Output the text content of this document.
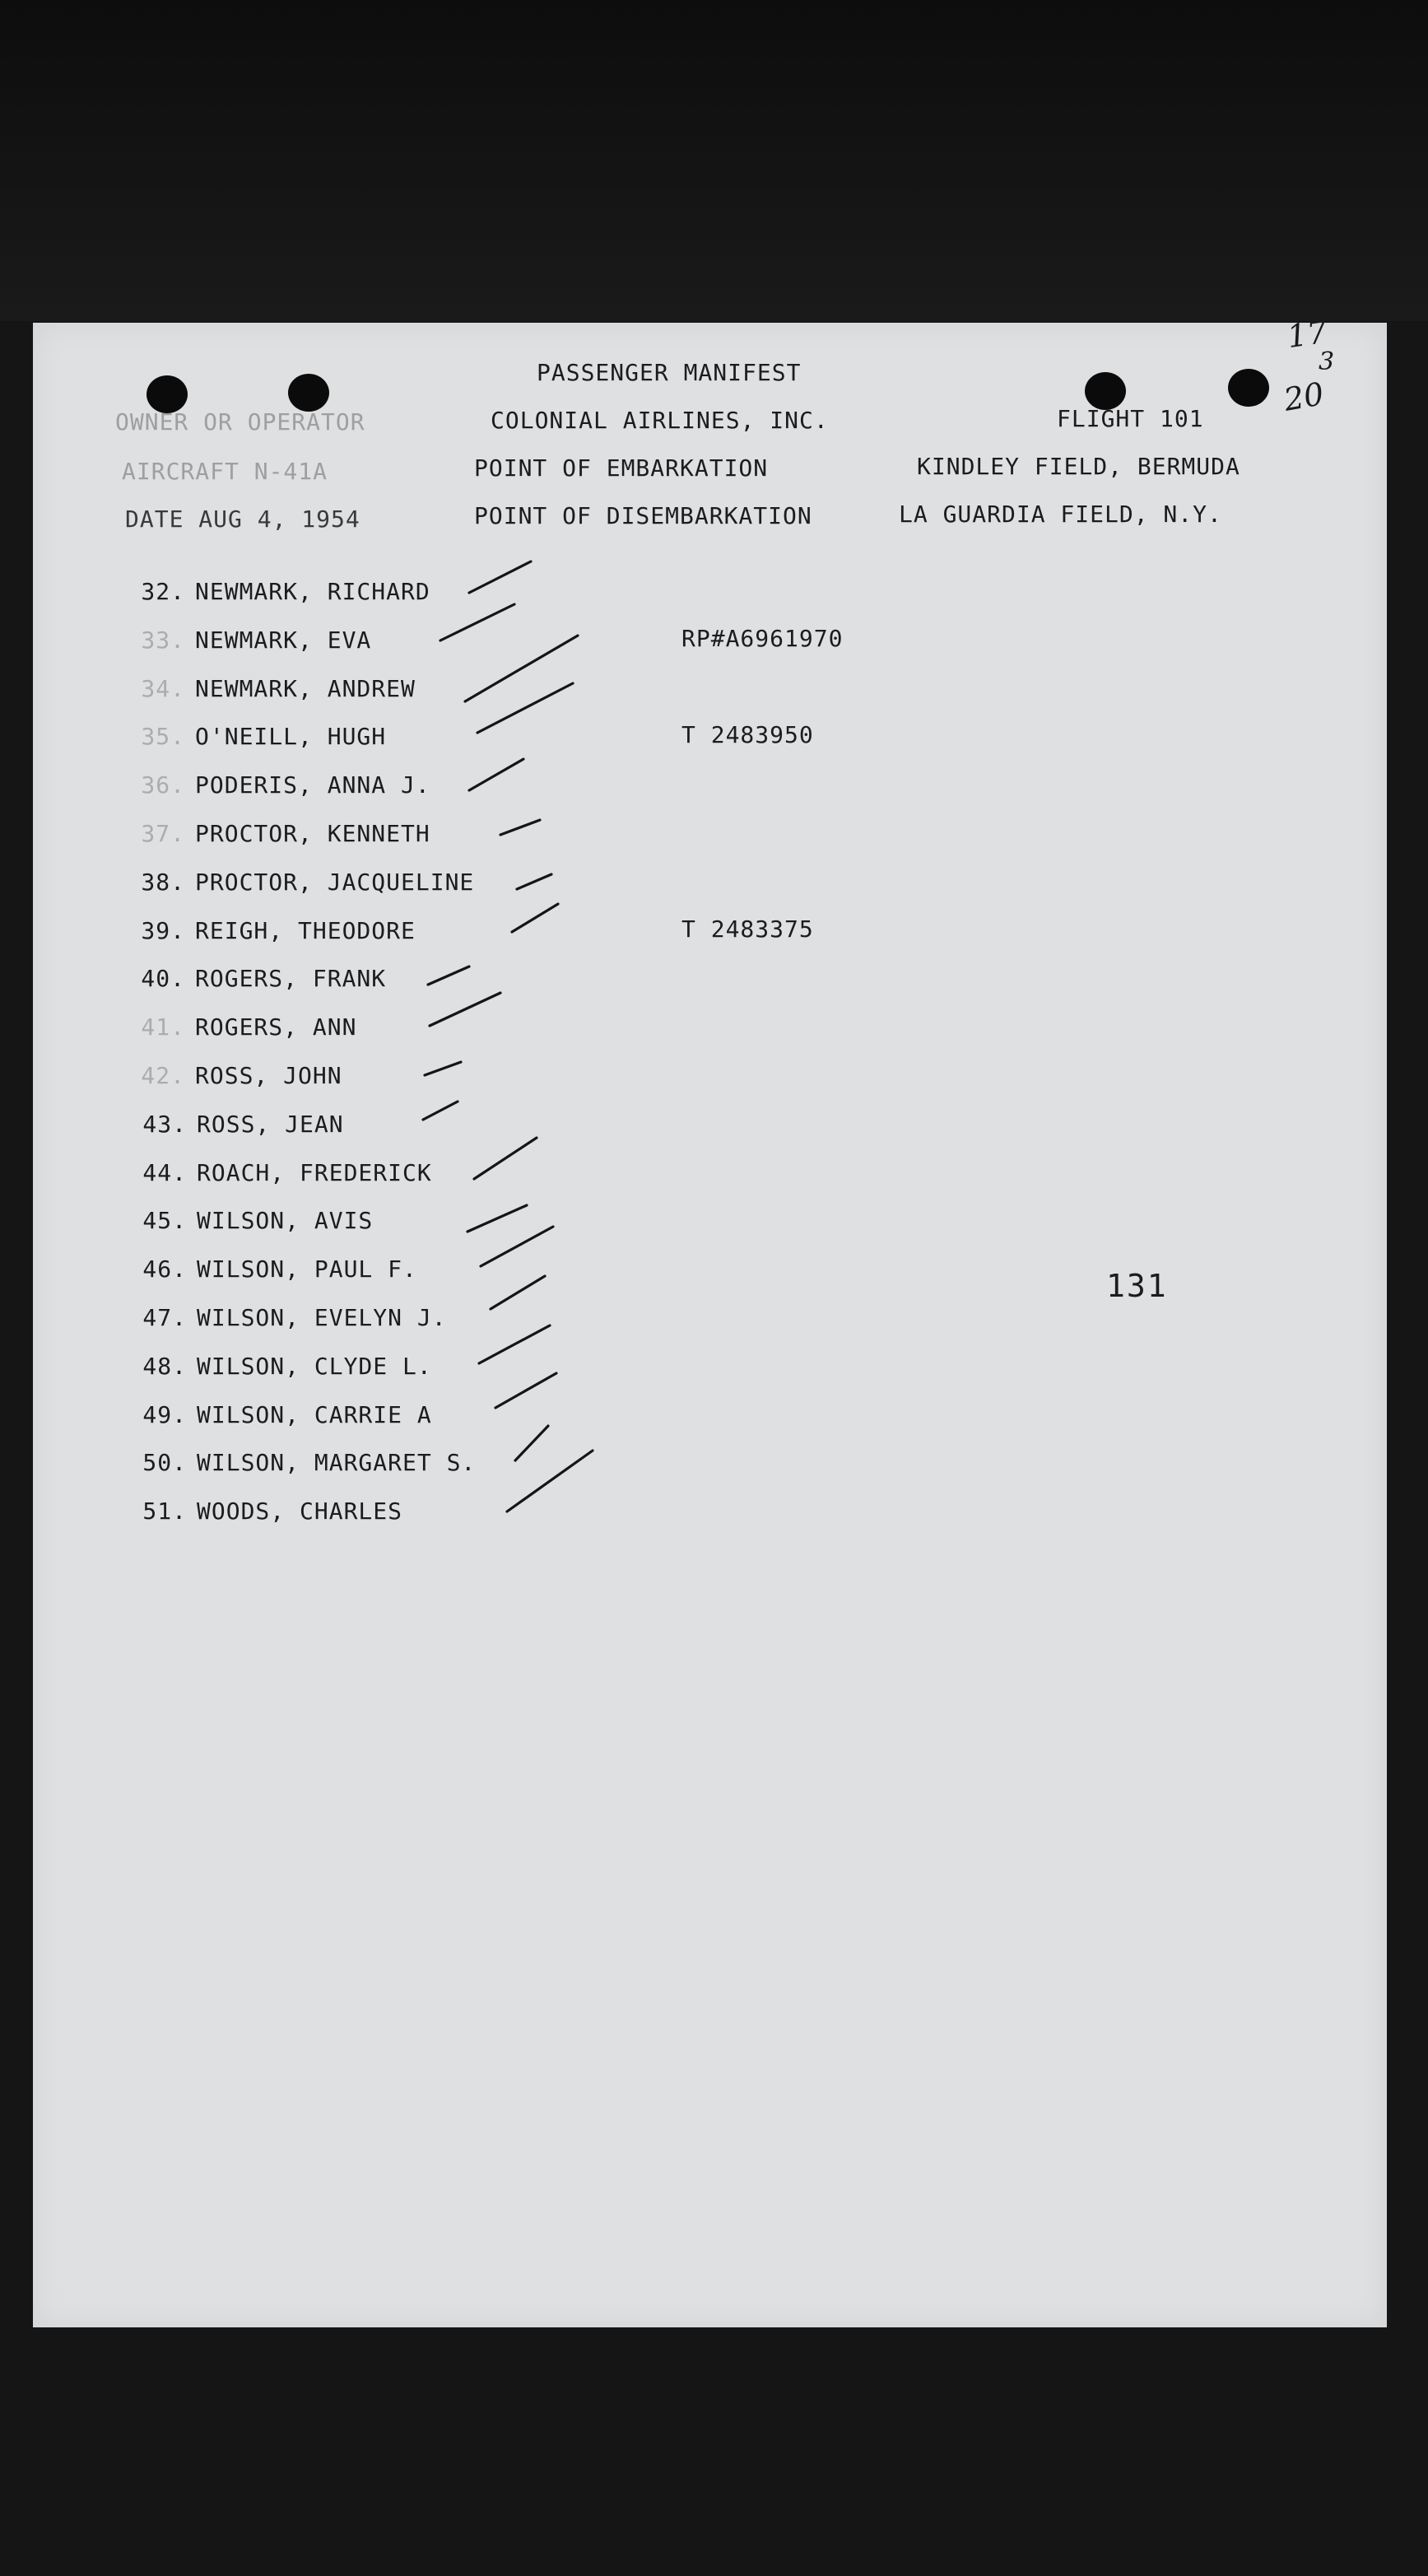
PASSENGER MANIFEST
COLONIAL AIRLINES, INC.	FLIGHT 101
OWNER OR OPERATOR
AIRCRAFT N-41A
DATE AUG 4, 1954
POINT OF EMBARKATION	KINDLEY FIELD, BERMUDA
POINT OF DISEMBARKATION	LA GUARDIA FIELD, N.Y.
17
3
20
32. NEWMARK, RICHARD
33. NEWMARK, EVA	RP#A6961970
34. NEWMARK, ANDREW
35. O'NEILL, HUGH	T 2483950
36. PODERIS, ANNA J.
37. PROCTOR, KENNETH
38. PROCTOR, JACQUELINE
39. REIGH, THEODORE	T 2483375
40. ROGERS, FRANK
41. ROGERS, ANN
42. ROSS, JOHN
43. ROSS, JEAN
44. ROACH, FREDERICK
45. WILSON, AVIS
46. WILSON, PAUL F.
47. WILSON, EVELYN J.
48. WILSON, CLYDE L.
49. WILSON, CARRIE A
50. WILSON, MARGARET S.
51. WOODS, CHARLES
131
